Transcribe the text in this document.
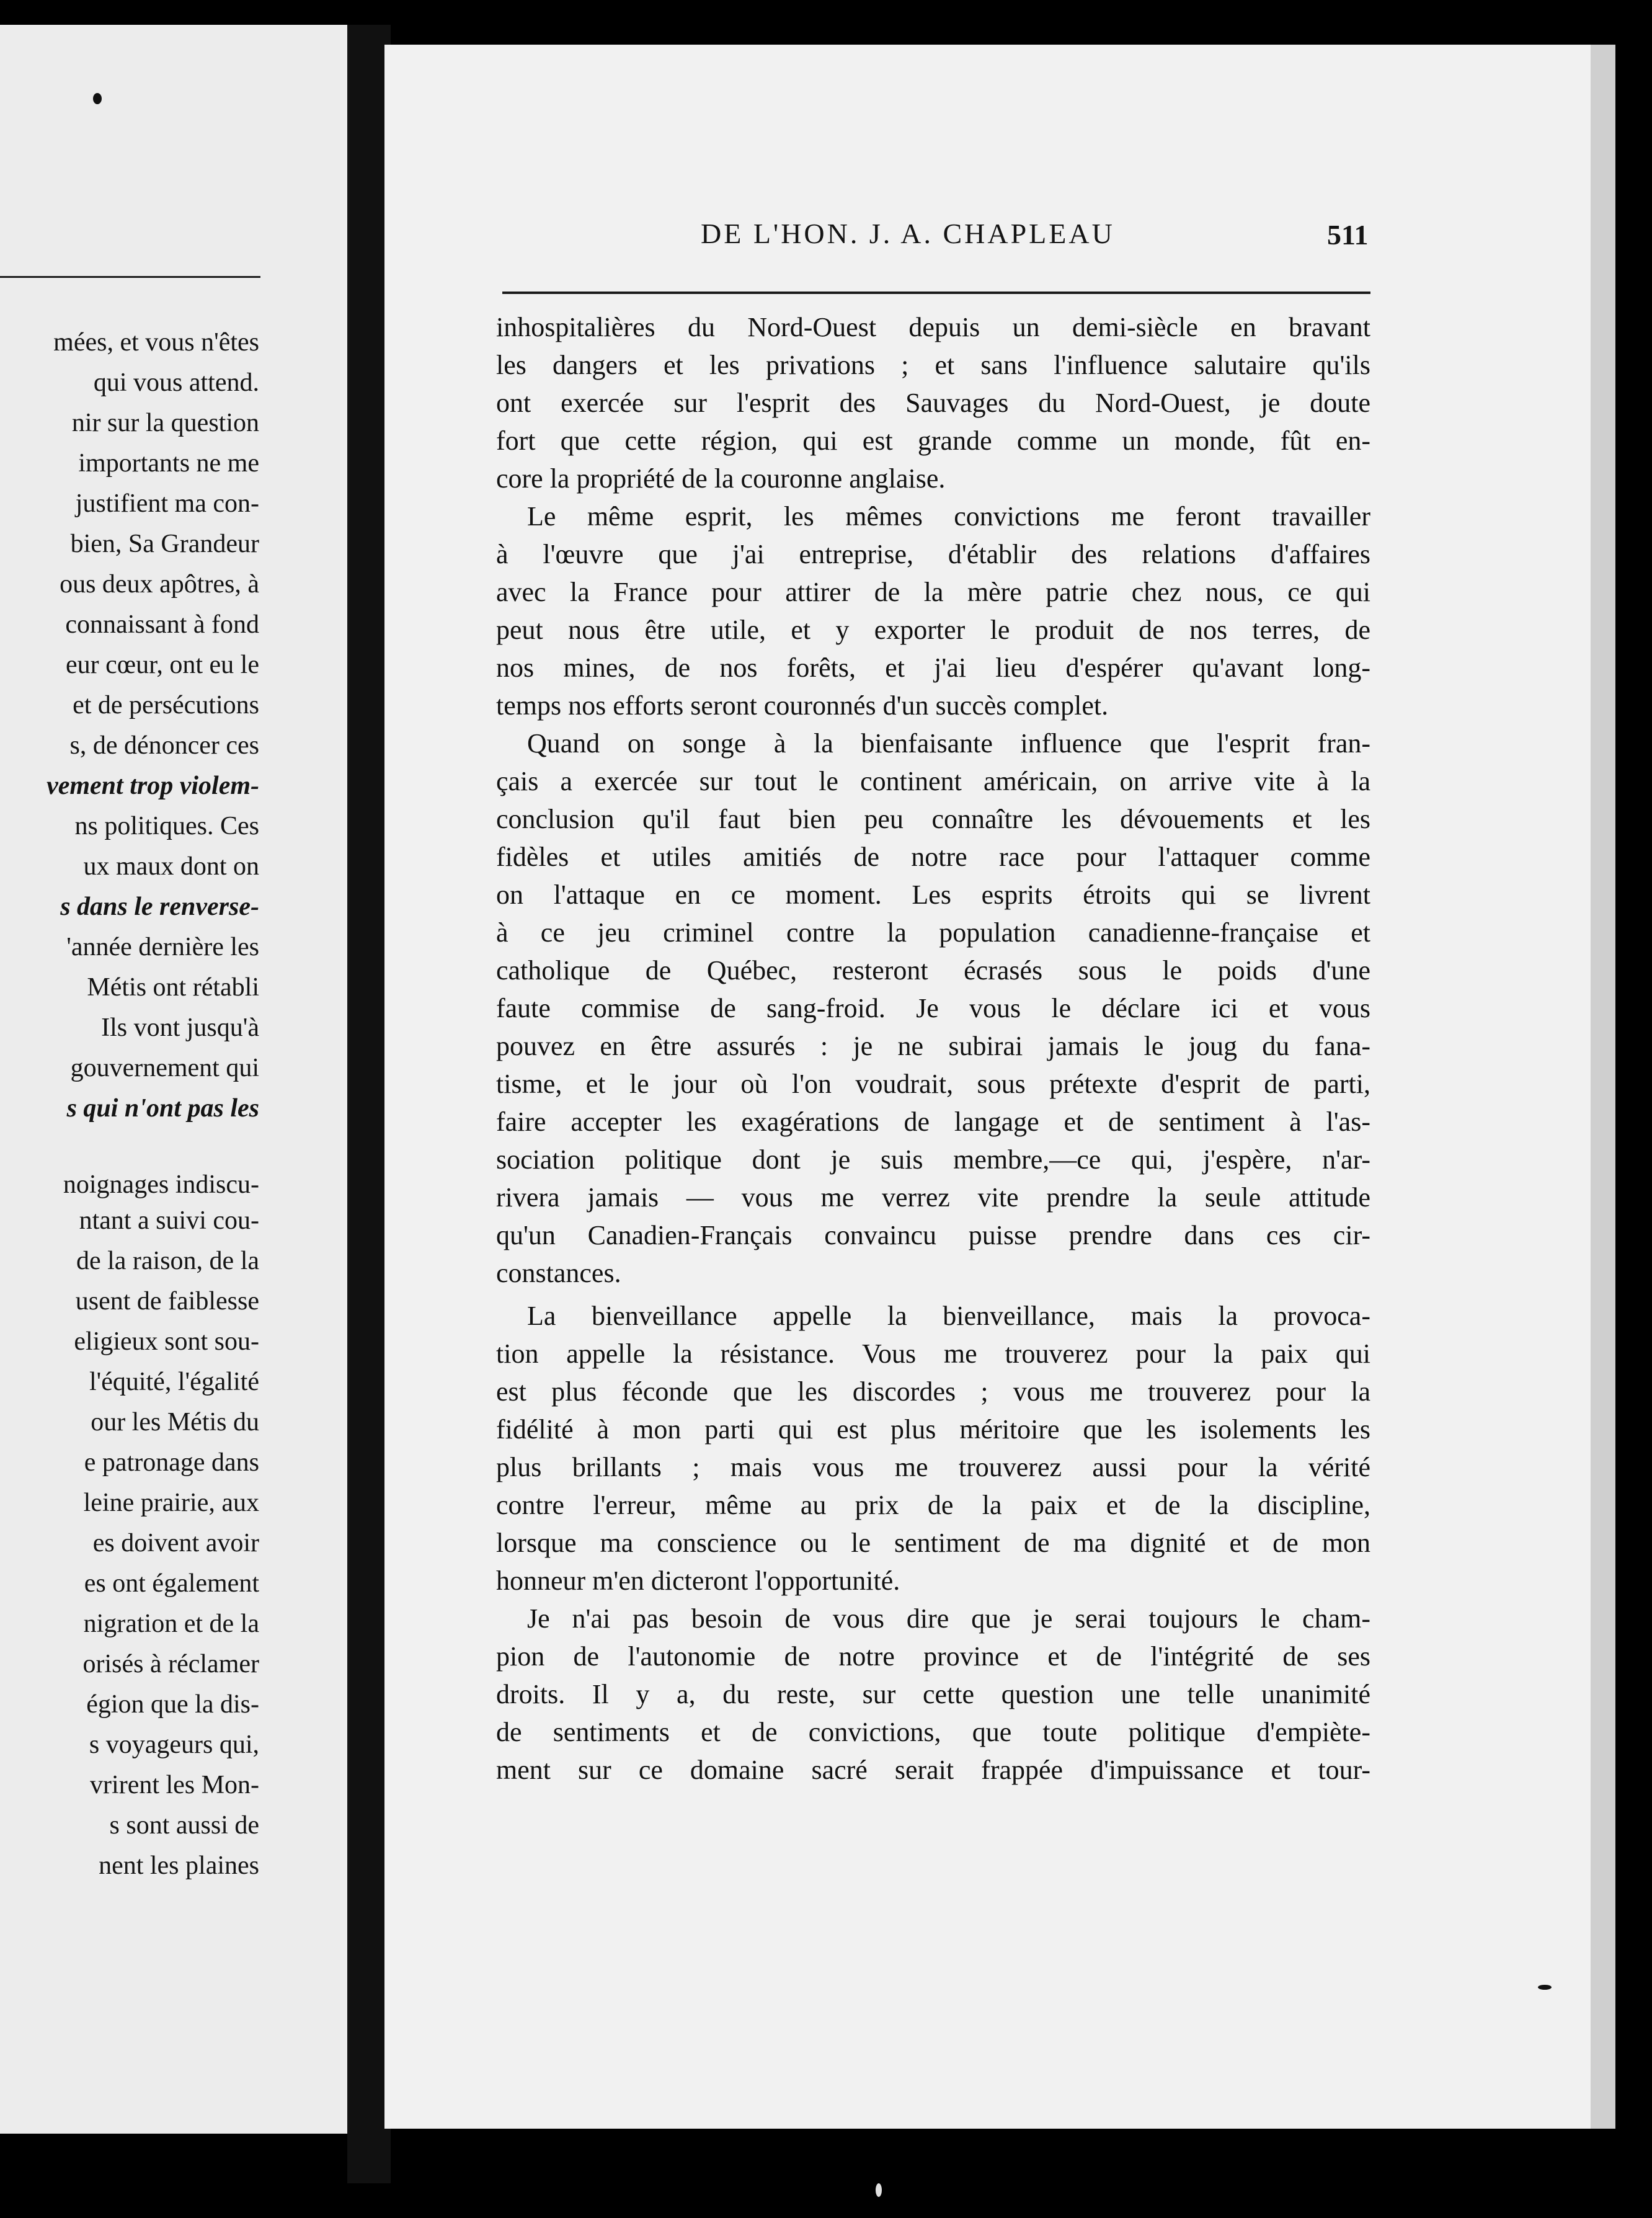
mées, et vous n'êtes
qui vous attend.
nir sur la question
importants ne me
justifient ma con-
bien, Sa Grandeur
ous deux apôtres, à
connaissant à fond
eur cœur, ont eu le
et de persécutions
s, de dénoncer ces
vement trop violem-
ns politiques. Ces
ux maux dont on
s dans le renverse-
'année dernière les
Métis ont rétabli
Ils vont jusqu'à
gouvernement qui
s qui n'ont pas les
noignages indiscu-
ntant a suivi cou-
de la raison, de la
usent de faiblesse
eligieux sont sou-
l'équité, l'égalité
our les Métis du
e patronage dans
leine prairie, aux
es doivent avoir
es ont également
nigration et de la
orisés à réclamer
égion que la dis-
s voyageurs qui,
vrirent les Mon-
s sont aussi de
nent les plaines
DE L'HON. J. A. CHAPLEAU	511
inhospitalières du Nord-Ouest depuis un demi-siècle en bravant
les dangers et les privations ; et sans l'influence salutaire qu'ils
ont exercée sur l'esprit des Sauvages du Nord-Ouest, je doute
fort que cette région, qui est grande comme un monde, fût en-
core la propriété de la couronne anglaise.
Le même esprit, les mêmes convictions me feront travailler
à l'œuvre que j'ai entreprise, d'établir des relations d'affaires
avec la France pour attirer de la mère patrie chez nous, ce qui
peut nous être utile, et y exporter le produit de nos terres, de
nos mines, de nos forêts, et j'ai lieu d'espérer qu'avant long-
temps nos efforts seront couronnés d'un succès complet.
Quand on songe à la bienfaisante influence que l'esprit fran-
çais a exercée sur tout le continent américain, on arrive vite à la
conclusion qu'il faut bien peu connaître les dévouements et les
fidèles et utiles amitiés de notre race pour l'attaquer comme
on l'attaque en ce moment. Les esprits étroits qui se livrent
à ce jeu criminel contre la population canadienne-française et
catholique de Québec, resteront écrasés sous le poids d'une
faute commise de sang-froid. Je vous le déclare ici et vous
pouvez en être assurés : je ne subirai jamais le joug du fana-
tisme, et le jour où l'on voudrait, sous prétexte d'esprit de parti,
faire accepter les exagérations de langage et de sentiment à l'as-
sociation politique dont je suis membre,—ce qui, j'espère, n'ar-
rivera jamais — vous me verrez vite prendre la seule attitude
qu'un Canadien-Français convaincu puisse prendre dans ces cir-
constances.
La bienveillance appelle la bienveillance, mais la provoca-
tion appelle la résistance. Vous me trouverez pour la paix qui
est plus féconde que les discordes ; vous me trouverez pour la
fidélité à mon parti qui est plus méritoire que les isolements les
plus brillants ; mais vous me trouverez aussi pour la vérité
contre l'erreur, même au prix de la paix et de la discipline,
lorsque ma conscience ou le sentiment de ma dignité et de mon
honneur m'en dicteront l'opportunité.
Je n'ai pas besoin de vous dire que je serai toujours le cham-
pion de l'autonomie de notre province et de l'intégrité de ses
droits. Il y a, du reste, sur cette question une telle unanimité
de sentiments et de convictions, que toute politique d'empiète-
ment sur ce domaine sacré serait frappée d'impuissance et tour-
